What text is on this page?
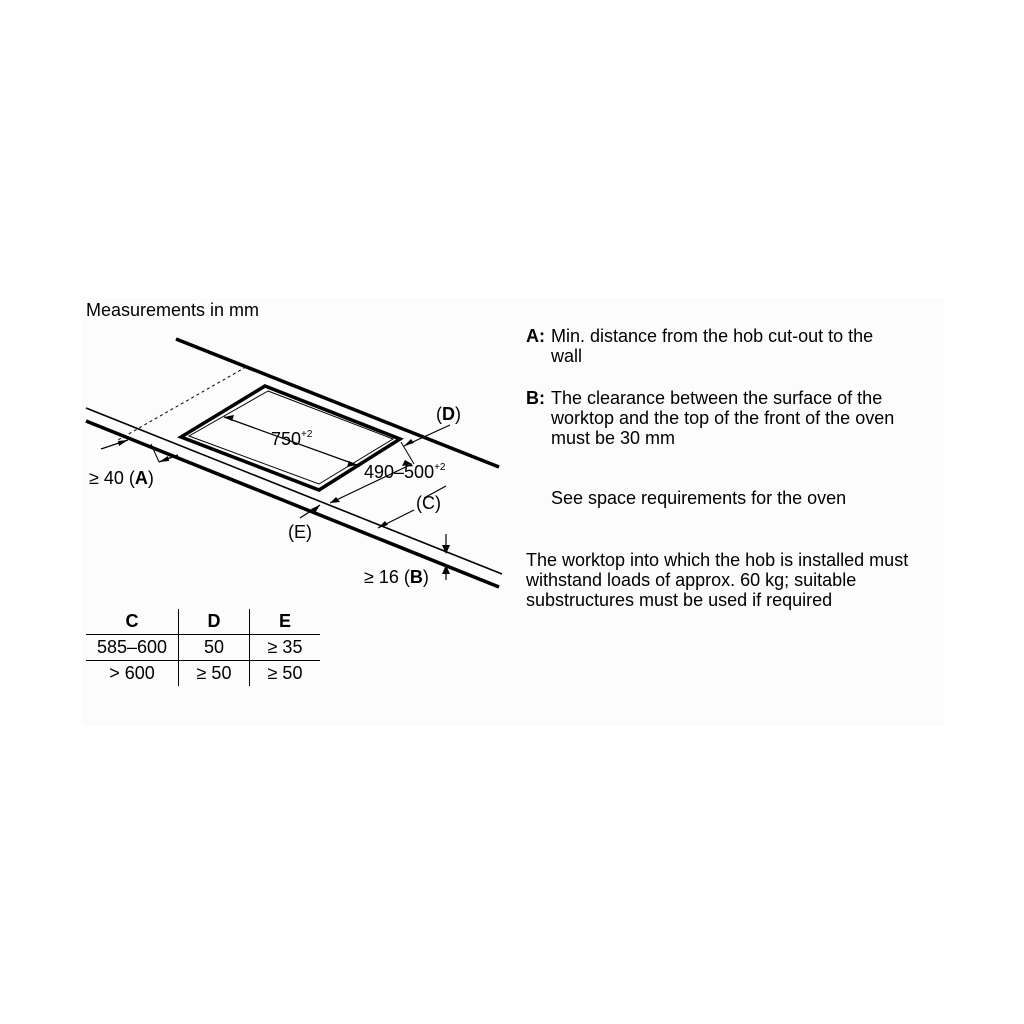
Measurements in mm
$750^{+2}$
$490-500^{+2}$
(D)
≥ 40 (A)
(C)
(E)
≥ 16 (B)
C	D	E
585–600	50	≥ 35
> 600	≥ 50	≥ 50
A: Min. distance from the hob cut-out to the wall
B: The clearance between the surface of the worktop and the top of the front of the oven must be 30 mm
See space requirements for the oven
The worktop into which the hob is installed must withstand loads of approx. 60 kg; suitable substructures must be used if required
